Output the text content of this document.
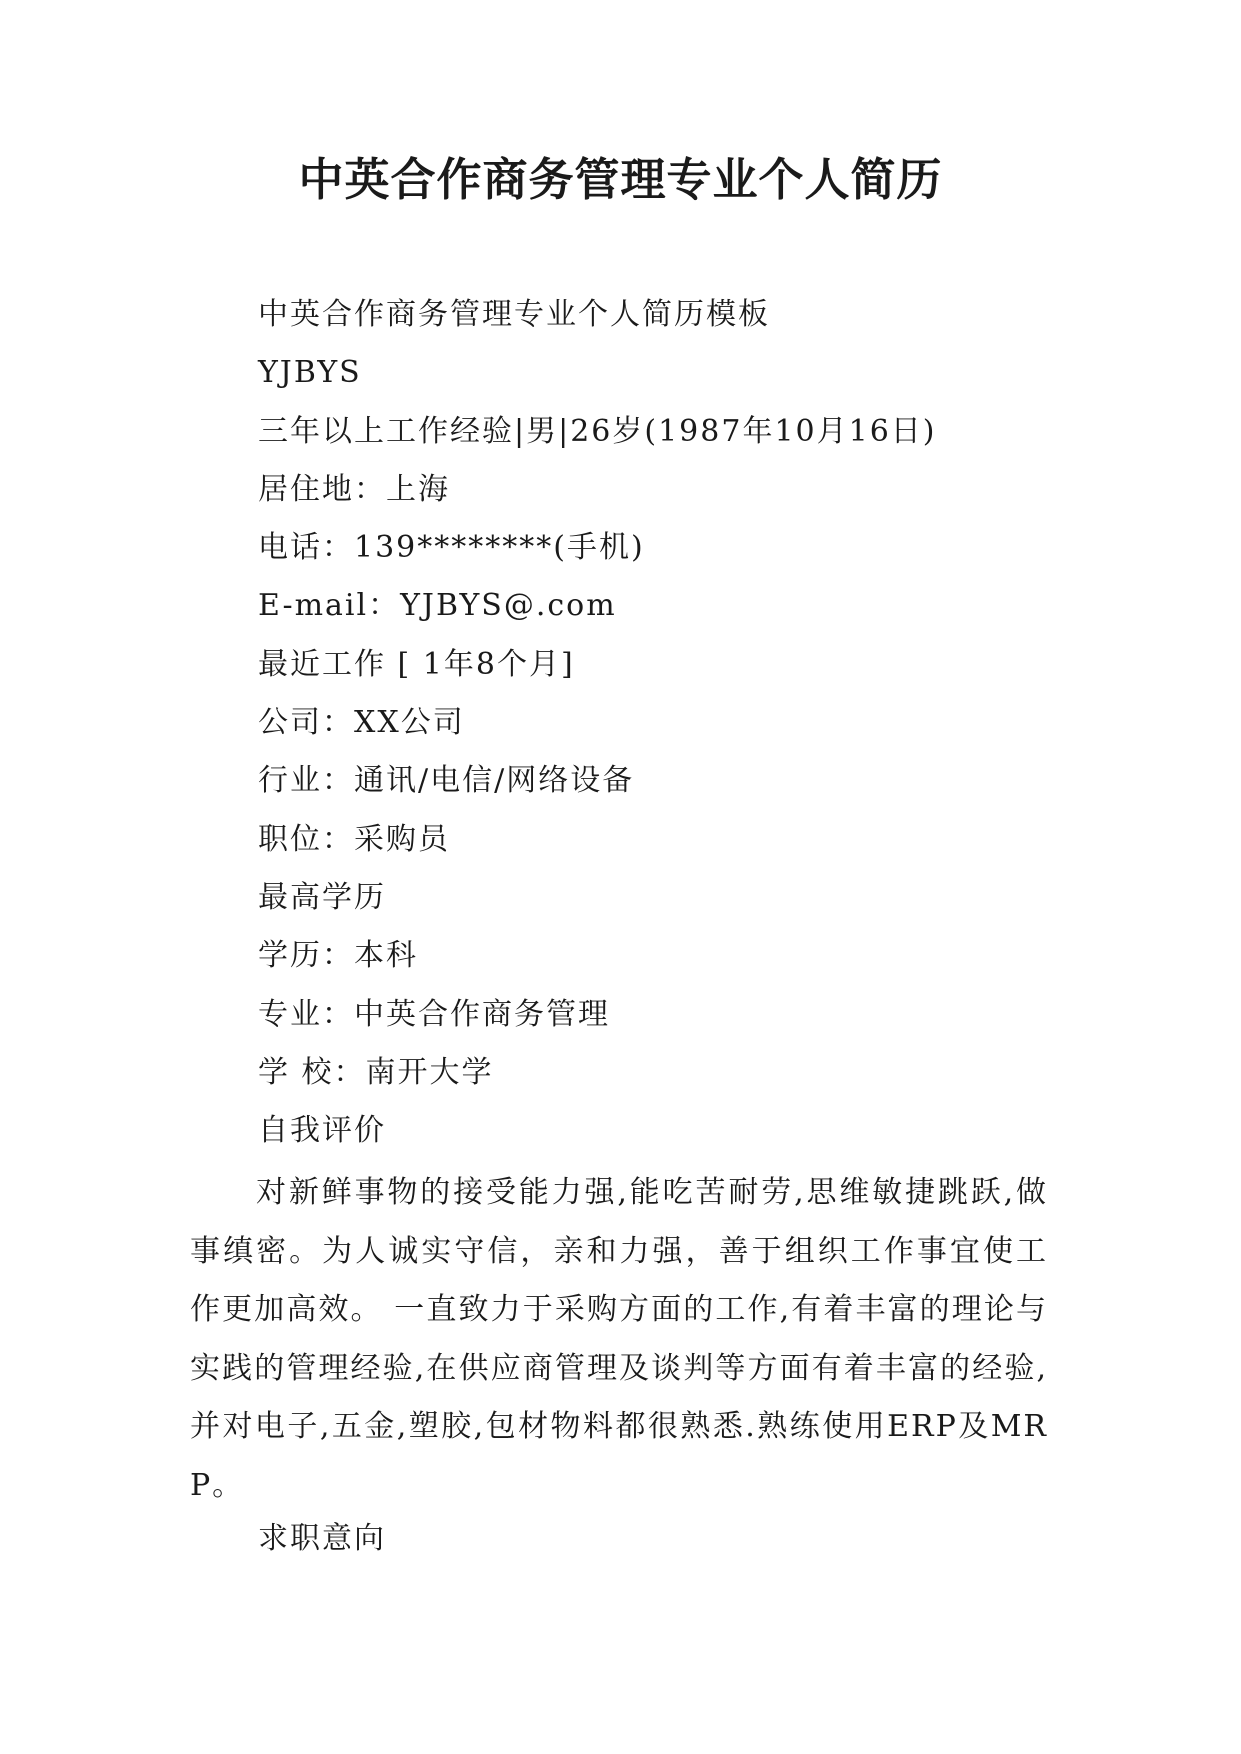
中英合作商务管理专业个人简历
中英合作商务管理专业个人简历模板
YJBYS
三年以上工作经验|男|26岁(1987年10月16日)
居住地：上海
电话：139********(手机)
E-mail：YJBYS@.com
最近工作 [ 1年8个月]
公司：XX公司
行业：通讯/电信/网络设备
职位：采购员
最高学历
学历：本科
专业：中英合作商务管理
学 校：南开大学
自我评价

对新鲜事物的接受能力强,能吃苦耐劳,思维敏捷跳跃,做事缜密。为人诚实守信，亲和力强，善于组织工作事宜使工作更加高效。 一直致力于采购方面的工作,有着丰富的理论与实践的管理经验,在供应商管理及谈判等方面有着丰富的经验,并对电子,五金,塑胶,包材物料都很熟悉.熟练使用ERP及MRP。

求职意向
